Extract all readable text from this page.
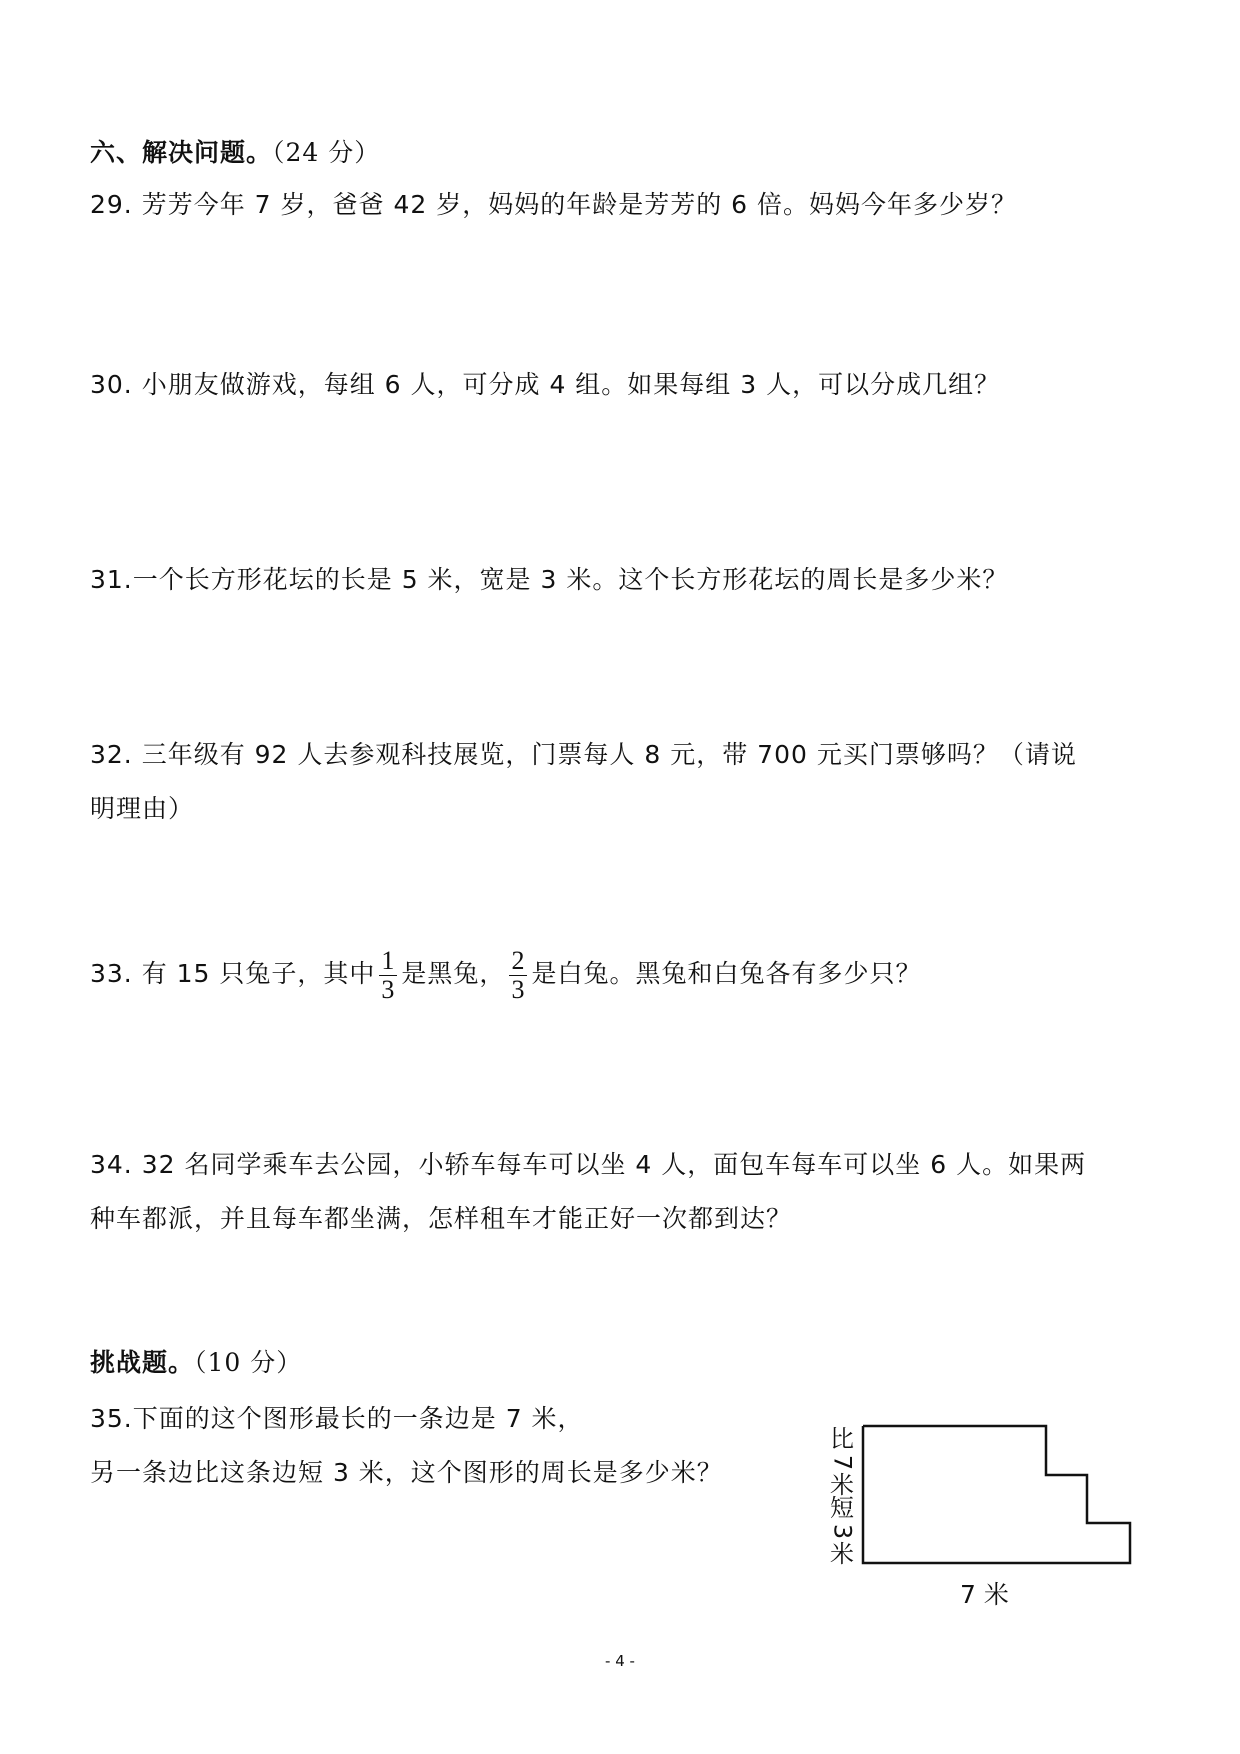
六、解决问题。（24 分）
29. 芳芳今年 7 岁，爸爸 42 岁，妈妈的年龄是芳芳的 6 倍。妈妈今年多少岁？
30. 小朋友做游戏，每组 6 人，可分成 4 组。如果每组 3 人，可以分成几组？
31.一个长方形花坛的长是 5 米，宽是 3 米。这个长方形花坛的周长是多少米？
32. 三年级有 92 人去参观科技展览，门票每人 8 元，带 700 元买门票够吗？（请说
明理由）
33. 有 15 只兔子，其中 $\frac{1}{3}$ 是黑兔， $\frac{2}{3}$ 是白兔。黑兔和白兔各有多少只？
34. 32 名同学乘车去公园，小轿车每车可以坐 4 人，面包车每车可以坐 6 人。如果两
种车都派，并且每车都坐满，怎样租车才能正好一次都到达？
挑战题。（10 分）
35.下面的这个图形最长的一条边是 7 米，
另一条边比这条边短 3 米，这个图形的周长是多少米？
比
7
米
短
3
米
7 米
- 4 -
